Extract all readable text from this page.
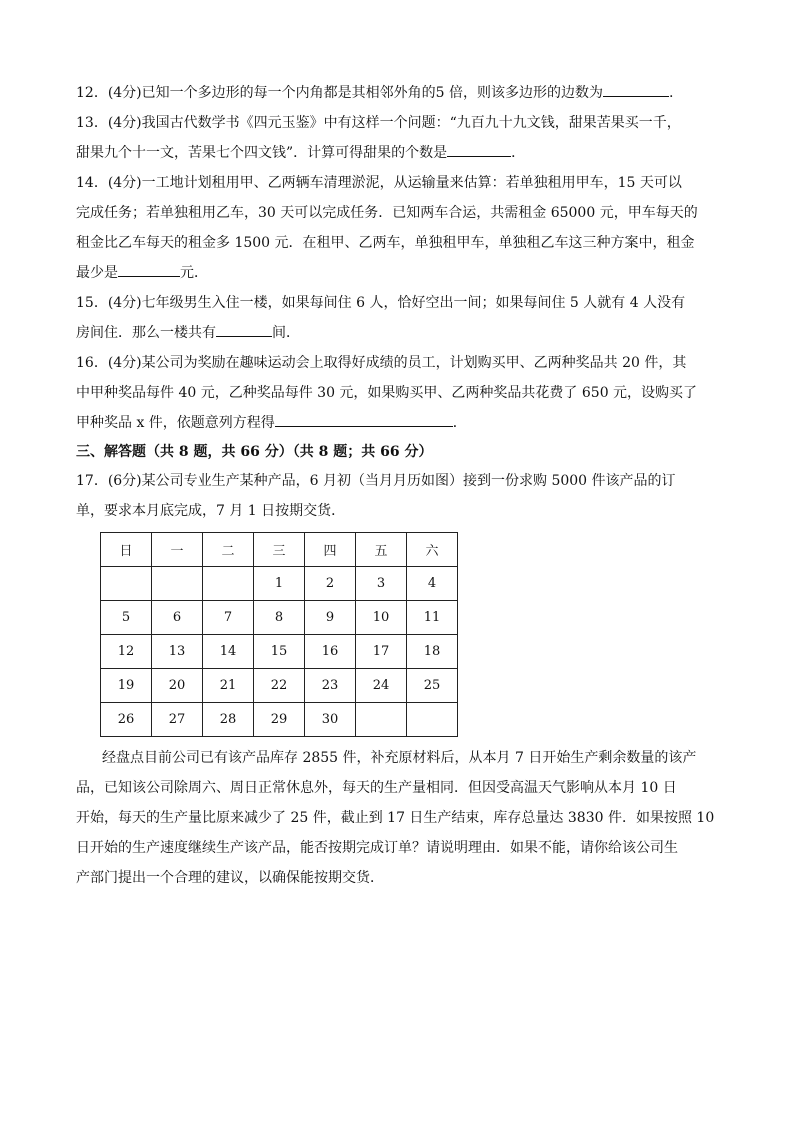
12．(4分)已知一个多边形的每一个内角都是其相邻外角的5 倍，则该多边形的边数为	.
13．(4分)我国古代数学书《四元玉鉴》中有这样一个问题：“九百九十九文钱，甜果苦果买一千，
甜果九个十一文，苦果七个四文钱”．计算可得甜果的个数是	．
14．(4分)一工地计划租用甲、乙两辆车清理淤泥，从运输量来估算：若单独租用甲车，15 天可以
完成任务；若单独租用乙车，30 天可以完成任务．已知两车合运，共需租金 65000 元，甲车每天的
租金比乙车每天的租金多 1500 元．在租甲、乙两车，单独租甲车，单独租乙车这三种方案中，租金
最少是	元．
15．(4分)七年级男生入住一楼，如果每间住 6 人，恰好空出一间；如果每间住 5 人就有 4 人没有
房间住．那么一楼共有	间．
16．(4分)某公司为奖励在趣味运动会上取得好成绩的员工，计划购买甲、乙两种奖品共 20 件，其
中甲种奖品每件 40 元，乙种奖品每件 30 元，如果购买甲、乙两种奖品共花费了 650 元，设购买了
甲种奖品 x 件，依题意列方程得	．
三、解答题（共 8 题，共 66 分）（共 8 题；共 66 分）
17．(6分)某公司专业生产某种产品，6 月初（当月月历如图）接到一份求购 5000 件该产品的订
单，要求本月底完成，7 月 1 日按期交货．
日	一	二	三	四	五	六
			1	2	3	4
5	6	7	8	9	10	11
12	13	14	15	16	17	18
19	20	21	22	23	24	25
26	27	28	29	30		
经盘点目前公司已有该产品库存 2855 件，补充原材料后，从本月 7 日开始生产剩余数量的该产
品，已知该公司除周六、周日正常休息外，每天的生产量相同．但因受高温天气影响从本月 10 日
开始，每天的生产量比原来减少了 25 件，截止到 17 日生产结束，库存总量达 3830 件．如果按照 10
日开始的生产速度继续生产该产品，能否按期完成订单？请说明理由．如果不能，请你给该公司生
产部门提出一个合理的建议，以确保能按期交货．
